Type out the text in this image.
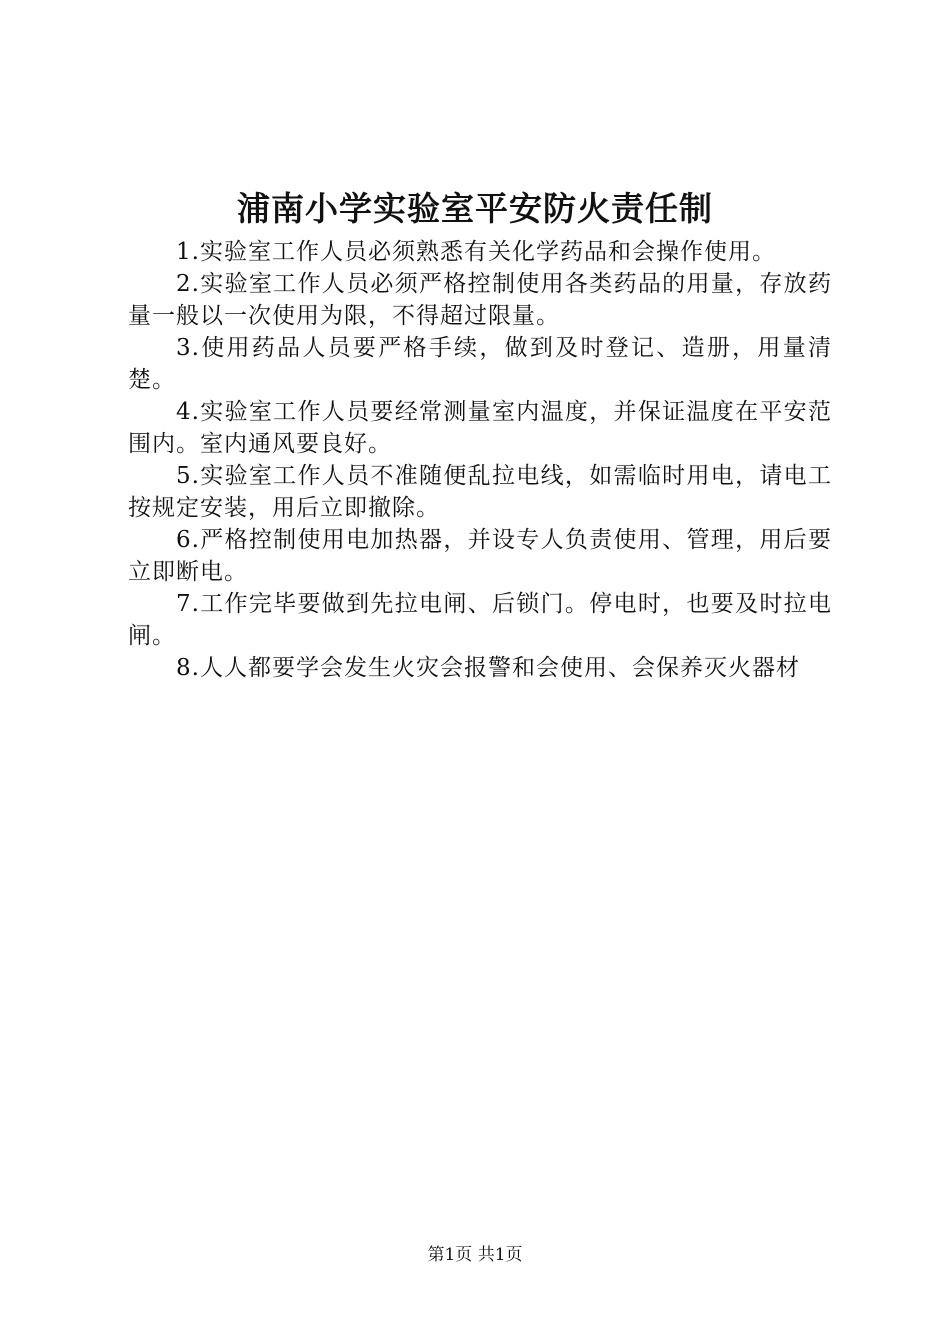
浦南小学实验室平安防火责任制

1.实验室工作人员必须熟悉有关化学药品和会操作使用。

2.实验室工作人员必须严格控制使用各类药品的用量，存放药量一般以一次使用为限，不得超过限量。

3.使用药品人员要严格手续，做到及时登记、造册，用量清楚。

4.实验室工作人员要经常测量室内温度，并保证温度在平安范围内。室内通风要良好。

5.实验室工作人员不准随便乱拉电线，如需临时用电，请电工按规定安装，用后立即撤除。

6.严格控制使用电加热器，并设专人负责使用、管理，用后要立即断电。

7.工作完毕要做到先拉电闸、后锁门。停电时，也要及时拉电闸。

8.人人都要学会发生火灾会报警和会使用、会保养灭火器材

第1页 共1页
